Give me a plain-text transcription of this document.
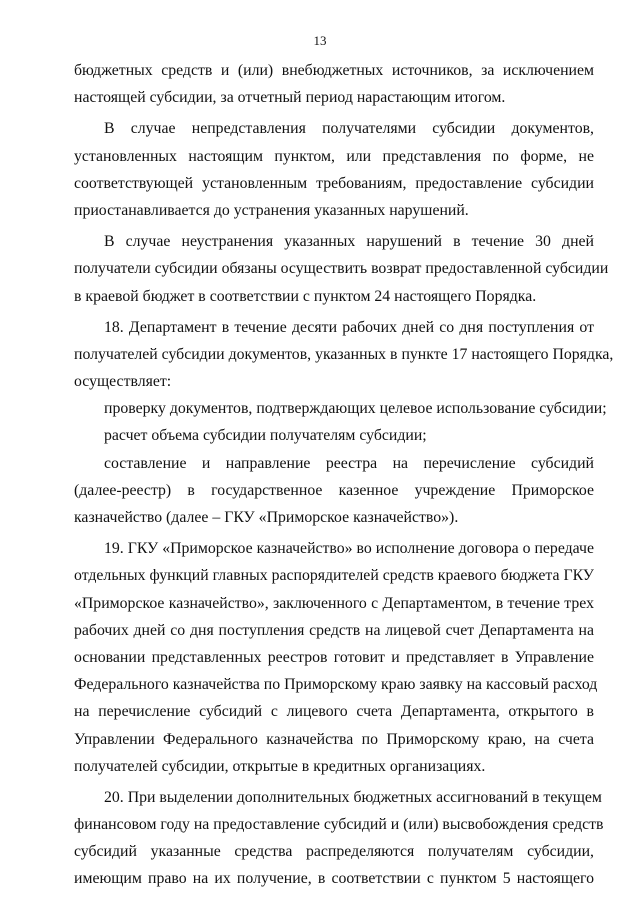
13
бюджетных средств и (или) внебюджетных источников, за исключением
настоящей субсидии, за отчетный период нарастающим итогом.
В случае непредставления получателями субсидии документов,
установленных настоящим пунктом, или представления по форме, не
соответствующей установленным требованиям, предоставление субсидии
приостанавливается до устранения указанных нарушений.
В случае неустранения указанных нарушений в течение 30 дней
получатели субсидии обязаны осуществить возврат предоставленной субсидии
в краевой бюджет в соответствии с пунктом 24 настоящего Порядка.
18. Департамент в течение десяти рабочих дней со дня поступления от
получателей субсидии документов, указанных в пункте 17 настоящего Порядка,
осуществляет:
проверку документов, подтверждающих целевое использование субсидии;
расчет объема субсидии получателям субсидии;
составление и направление реестра на перечисление субсидий
(далее-реестр) в государственное казенное учреждение Приморское
казначейство (далее – ГКУ «Приморское казначейство»).
19. ГКУ «Приморское казначейство» во исполнение договора о передаче
отдельных функций главных распорядителей средств краевого бюджета ГКУ
«Приморское казначейство», заключенного с Департаментом, в течение трех
рабочих дней со дня поступления средств на лицевой счет Департамента на
основании представленных реестров готовит и представляет в Управление
Федерального казначейства по Приморскому краю заявку на кассовый расход
на перечисление субсидий с лицевого счета Департамента, открытого в
Управлении Федерального казначейства по Приморскому краю, на счета
получателей субсидии, открытые в кредитных организациях.
20. При выделении дополнительных бюджетных ассигнований в текущем
финансовом году на предоставление субсидий и (или) высвобождения средств
субсидий указанные средства распределяются получателям субсидии,
имеющим право на их получение, в соответствии с пунктом 5 настоящего
